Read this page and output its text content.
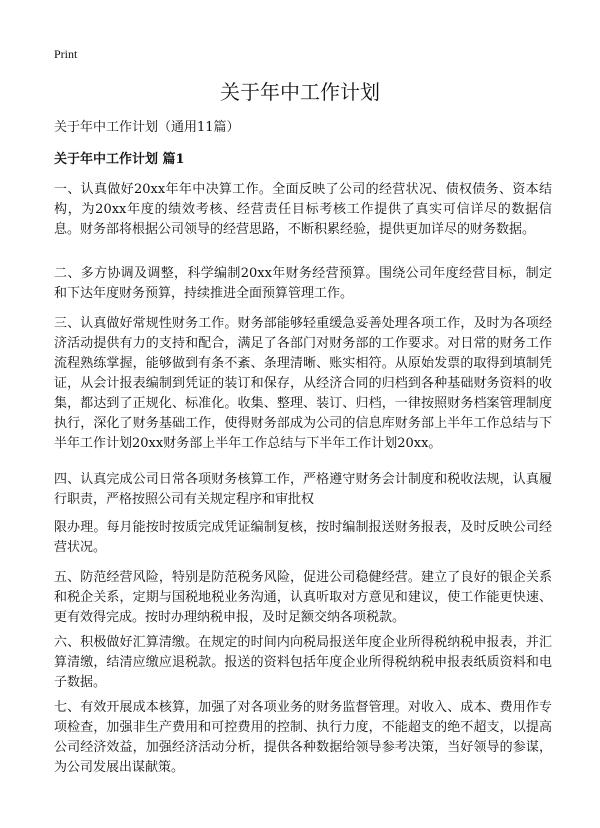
Print
关于年中工作计划
关于年中工作计划（通用11篇）
关于年中工作计划 篇1

一、认真做好20xx年年中决算工作。全面反映了公司的经营状况、债权债务、资本结构，为20xx年度的绩效考核、经营责任目标考核工作提供了真实可信详尽的数据信息。财务部将根据公司领导的经营思路，不断积累经验，提供更加详尽的财务数据。

二、多方协调及调整，科学编制20xx年财务经营预算。围绕公司年度经营目标，制定和下达年度财务预算，持续推进全面预算管理工作。

三、认真做好常规性财务工作。财务部能够轻重缓急妥善处理各项工作，及时为各项经济活动提供有力的支持和配合，满足了各部门对财务部的工作要求。对日常的财务工作流程熟练掌握，能够做到有条不紊、条理清晰、账实相符。从原始发票的取得到填制凭证，从会计报表编制到凭证的装订和保存，从经济合同的归档到各种基础财务资料的收集，都达到了正规化、标准化。收集、整理、装订、归档，一律按照财务档案管理制度执行，深化了财务基础工作，使得财务部成为公司的信息库财务部上半年工作总结与下半年工作计划20xx财务部上半年工作总结与下半年工作计划20xx。

四、认真完成公司日常各项财务核算工作，严格遵守财务会计制度和税收法规，认真履行职责，严格按照公司有关规定程序和审批权

限办理。每月能按时按质完成凭证编制复核，按时编制报送财务报表，及时反映公司经营状况。

五、防范经营风险，特别是防范税务风险，促进公司稳健经营。建立了良好的银企关系和税企关系，定期与国税地税业务沟通，认真听取对方意见和建议，使工作能更快速、更有效得完成。按时办理纳税申报，及时足额交纳各项税款。

六、积极做好汇算清缴。在规定的时间内向税局报送年度企业所得税纳税申报表，并汇算清缴，结清应缴应退税款。报送的资料包括年度企业所得税纳税申报表纸质资料和电子数据。

七、有效开展成本核算，加强了对各项业务的财务监督管理。对收入、成本、费用作专项检查，加强非生产费用和可控费用的控制、执行力度，不能超支的绝不超支，以提高公司经济效益，加强经济活动分析，提供各种数据给领导参考决策，当好领导的参谋，为公司发展出谋献策。
